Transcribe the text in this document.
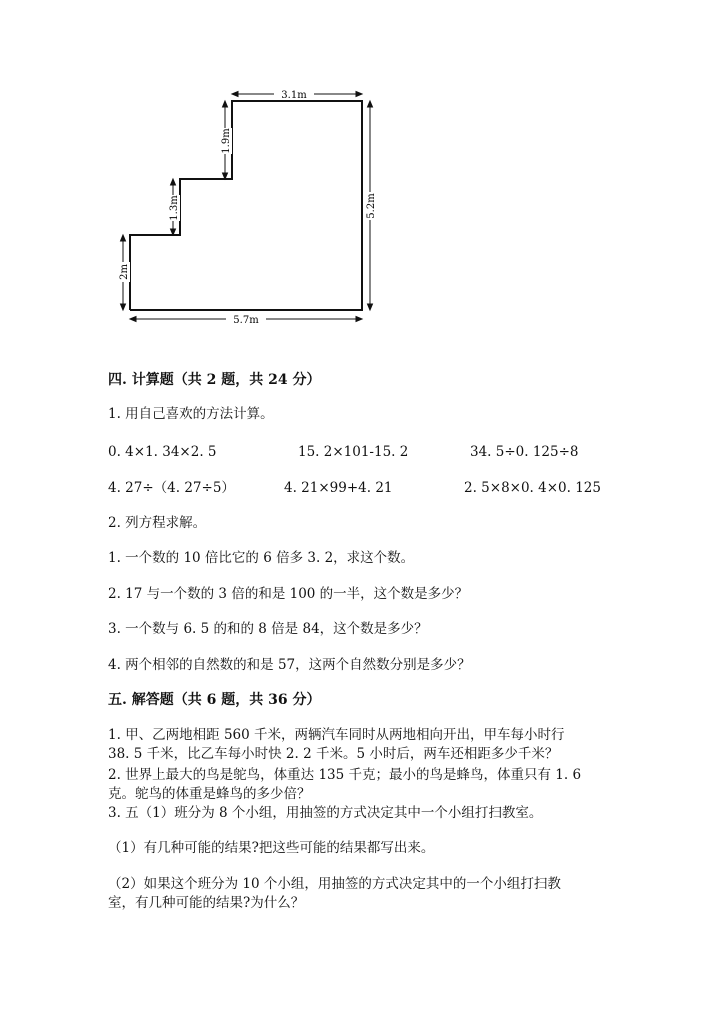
3.1m
1.9m
1.3m
2m
5.2m
5.7m
四. 计算题（共 2 题，共 24 分）
1. 用自己喜欢的方法计算。
0. 4×1. 34×2. 5	15. 2×101-15. 2	34. 5÷0. 125÷8
4. 27÷（4. 27÷5）	4. 21×99+4. 21	2. 5×8×0. 4×0. 125
2. 列方程求解。
1. 一个数的 10 倍比它的 6 倍多 3. 2，求这个数。
2. 17 与一个数的 3 倍的和是 100 的一半，这个数是多少？
3. 一个数与 6. 5 的和的 8 倍是 84，这个数是多少？
4. 两个相邻的自然数的和是 57，这两个自然数分别是多少？
五. 解答题（共 6 题，共 36 分）
1. 甲、乙两地相距 560 千米，两辆汽车同时从两地相向开出，甲车每小时行
38. 5 千米，比乙车每小时快 2. 2 千米。5 小时后，两车还相距多少千米？
2. 世界上最大的鸟是鸵鸟，体重达 135 千克；最小的鸟是蜂鸟，体重只有 1. 6
克。鸵鸟的体重是蜂鸟的多少倍？
3. 五（1）班分为 8 个小组，用抽签的方式决定其中一个小组打扫教室。
（1）有几种可能的结果?把这些可能的结果都写出来。
（2）如果这个班分为 10 个小组，用抽签的方式决定其中的一个小组打扫教
室，有几种可能的结果?为什么？
